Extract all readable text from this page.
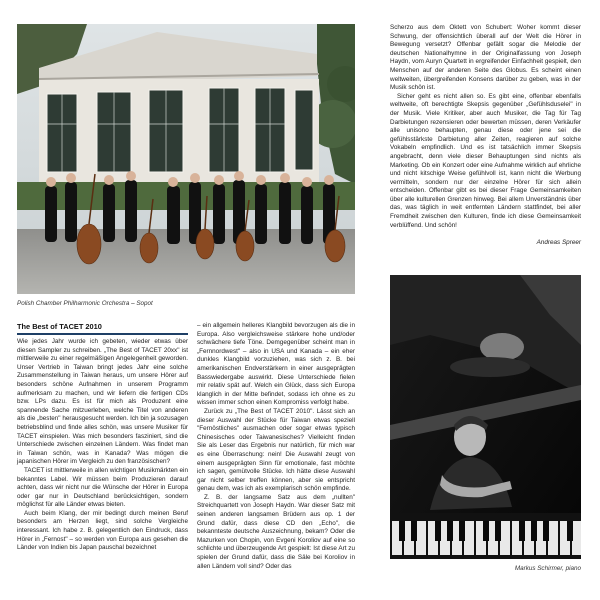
Polish Chamber Philharmonic Orchestra – Sopot
The Best of TACET 2010

Wie jedes Jahr wurde ich gebeten, wieder etwas über diesen Sampler zu schreiben. „The Best of TACET 20xx" ist mittlerweile zu einer regelmäßigen Angelegenheit geworden. Unser Vertrieb in Taiwan bringt jedes Jahr eine solche Zusammenstellung in Taiwan heraus, um unsere Hörer auf besonders schöne Aufnahmen in unserem Programm aufmerksam zu machen, und wir liefern die fertigen CDs bzw. LPs dazu. Es ist für mich als Produzent eine spannende Sache mitzuerleben, welche Titel von anderen als die „besten" herausgesucht werden. Ich bin ja sozusagen betriebsblind und finde alles schön, was unsere Musiker für TACET einspielen. Was mich besonders fasziniert, sind die Unterschiede zwischen einzelnen Ländern. Was findet man in Taiwan schön, was in Kanada? Was mögen die japanischen Hörer im Vergleich zu den französischen?

TACET ist mittlerweile in allen wichtigen Musikmärkten ein bekanntes Label. Wir müssen beim Produzieren darauf achten, dass wir nicht nur die Wünsche der Hörer in Europa oder gar nur in Deutschland berücksichtigen, sondern möglichst für alle Länder etwas bieten.

Auch beim Klang, der mir bedingt durch meinen Beruf besonders am Herzen liegt, sind solche Vergleiche interessant. Ich habe z. B. gelegentlich den Eindruck, dass Hörer in „Fernost" – so werden von Europa aus gesehen die Länder von Indien bis Japan pauschal bezeichnet

– ein allgemein helleres Klangbild bevorzugen als die in Europa. Also vergleichsweise stärkere hohe und/oder schwächere tiefe Töne. Demgegenüber scheint man in „Fernnordwest" – also in USA und Kanada – ein eher dunkles Klangbild vorzuziehen, was sich z. B. bei amerikanischen Endverstärkern in einer ausgeprägten Basswiedergabe auswirkt. Diese Unterschiede fielen mir relativ spät auf. Welch ein Glück, dass sich Europa klanglich in der Mitte befindet, sodass ich ohne es zu wissen immer schon einen Kompromiss verfolgt habe.

Zurück zu „The Best of TACET 2010". Lässt sich an dieser Auswahl der Stücke für Taiwan etwas speziell "Fernöstliches" ausmachen oder sogar etwas typisch Chinesisches oder Taiwanesisches? Vielleicht finden Sie als Leser das Ergebnis nur natürlich, für mich war es eine Überraschung: nein! Die Auswahl zeugt von einem ausgeprägten Sinn für emotionale, fast möchte ich sagen, gemütvolle Stücke. Ich hätte diese Auswahl gar nicht selber treffen können, aber sie entspricht genau dem, was ich als exemplarisch schön empfinde.

Z. B. der langsame Satz aus dem „nullten" Streichquartett von Joseph Haydn. War dieser Satz mit seinen anderen langsamen Brüdern aus op. 1 der Grund dafür, dass diese CD den „Echo", die bekannteste deutsche Auszeichnung, bekam? Oder die Mazurken von Chopin, von Evgeni Koroliov auf eine so schlichte und überzeugende Art gespielt: Ist diese Art zu spielen der Grund dafür, dass die Säle bei Koroliov in allen Ländern voll sind? Oder das

Scherzo aus dem Oktett von Schubert: Woher kommt dieser Schwung, der offensichtlich überall auf der Welt die Hörer in Bewegung versetzt? Offenbar gefällt sogar die Melodie der deutschen Nationalhymne in der Originalfassung von Joseph Haydn, vom Auryn Quartett in ergreifender Einfachheit gespielt, den Menschen auf der anderen Seite des Globus. Es scheint einen weltweiten, übergreifenden Konsens darüber zu geben, was in der Musik schön ist.

Sicher geht es nicht allen so. Es gibt eine, offenbar ebenfalls weltweite, oft berechtigte Skepsis gegenüber „Gefühlsduselei" in der Musik. Viele Kritiker, aber auch Musiker, die Tag für Tag Darbietungen rezensieren oder bewerten müssen, deren Verkäufer alle unisono behaupten, genau diese oder jene sei die gefühlsstärkste Darbietung aller Zeiten, reagieren auf solche Vokabeln empfindlich. Und es ist tatsächlich immer Skepsis angebracht, denn viele dieser Behauptungen sind nichts als Marketing. Ob ein Konzert oder eine Aufnahme wirklich auf ehrliche und nicht kitschige Weise gefühlvoll ist, kann nicht die Werbung vermitteln, sondern nur der einzelne Hörer für sich allein entscheiden. Offenbar gibt es bei dieser Frage Gemeinsamkeiten über alle kulturellen Grenzen hinweg. Bei allem Unverständnis über das, was täglich in weit entfernten Ländern stattfindet, bei aller Fremdheit zwischen den Kulturen, finde ich diese Gemeinsamkeit verblüffend. Und schön!

Andreas Spreer
Markus Schirmer, piano
